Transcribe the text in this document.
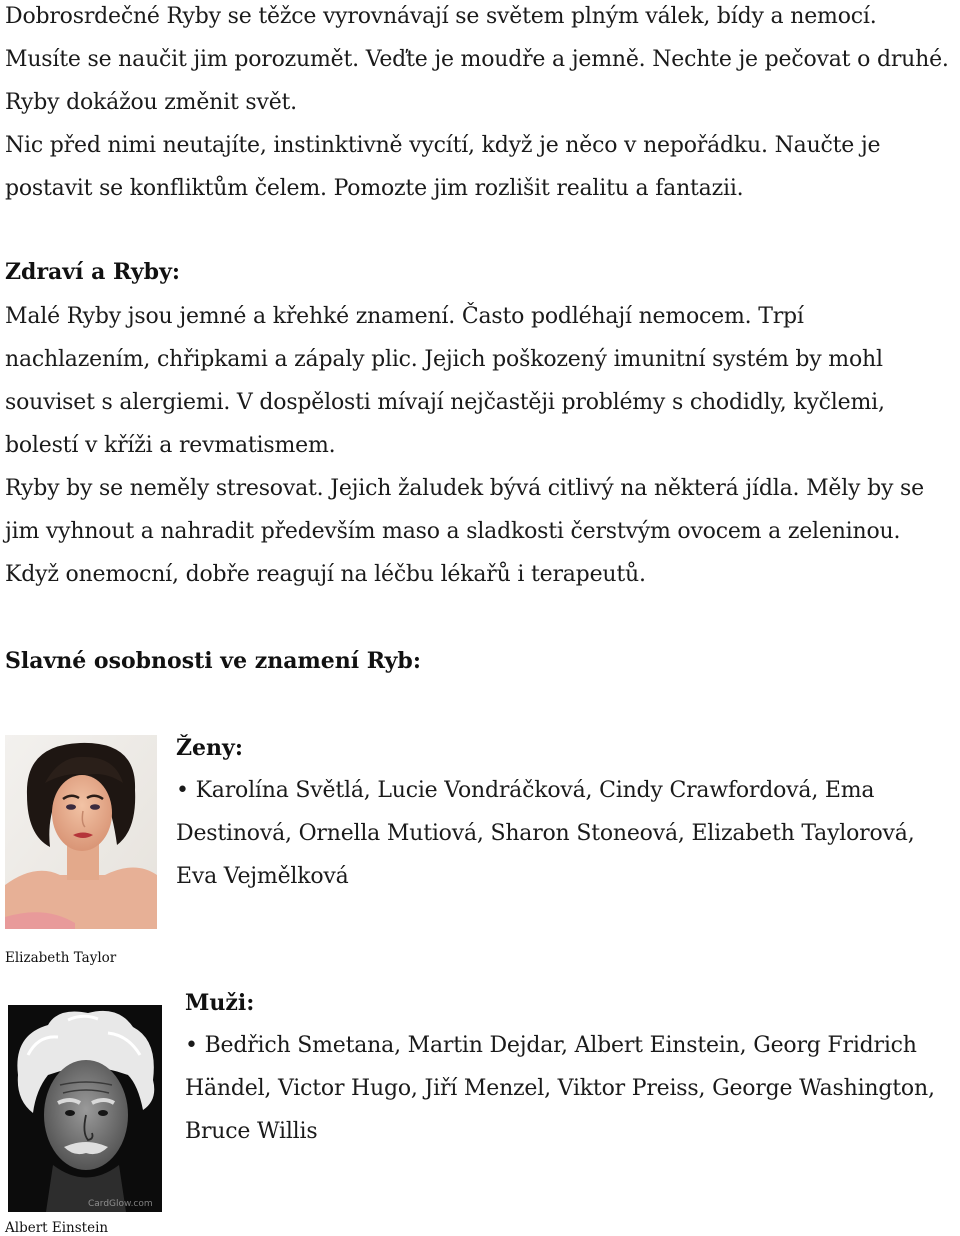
Dobrosrdečné Ryby se těžce vyrovnávají se světem plným válek, bídy a nemocí.
Musíte se naučit jim porozumět. Veďte je moudře a jemně. Nechte je pečovat o druhé.
Ryby dokážou změnit svět.
Nic před nimi neutajíte, instinktivně vycítí, když je něco v nepořádku. Naučte je
postavit se konfliktům čelem. Pomozte jim rozlišit realitu a fantazii.
Zdraví a Ryby:
Malé Ryby jsou jemné a křehké znamení. Často podléhají nemocem. Trpí
nachlazením, chřipkami a zápaly plic. Jejich poškozený imunitní systém by mohl
souviset s alergiemi. V dospělosti mívají nejčastěji problémy s chodidly, kyčlemi,
bolestí v kříži a revmatismem.
Ryby by se neměly stresovat. Jejich žaludek bývá citlivý na některá jídla. Měly by se
jim vyhnout a nahradit především maso a sladkosti čerstvým ovocem a zeleninou.
Když onemocní, dobře reagují na léčbu lékařů i terapeutů.
Slavné osobnosti ve znamení Ryb:
Ženy:
• Karolína Světlá, Lucie Vondráčková, Cindy Crawfordová, Ema
Destinová, Ornella Mutiová, Sharon Stoneová, Elizabeth Taylorová,
Eva Vejmělková
Elizabeth Taylor
CardGlow.com
Muži:
• Bedřich Smetana, Martin Dejdar, Albert Einstein, Georg Fridrich
Händel, Victor Hugo, Jiří Menzel, Viktor Preiss, George Washington,
Bruce Willis
Albert Einstein
